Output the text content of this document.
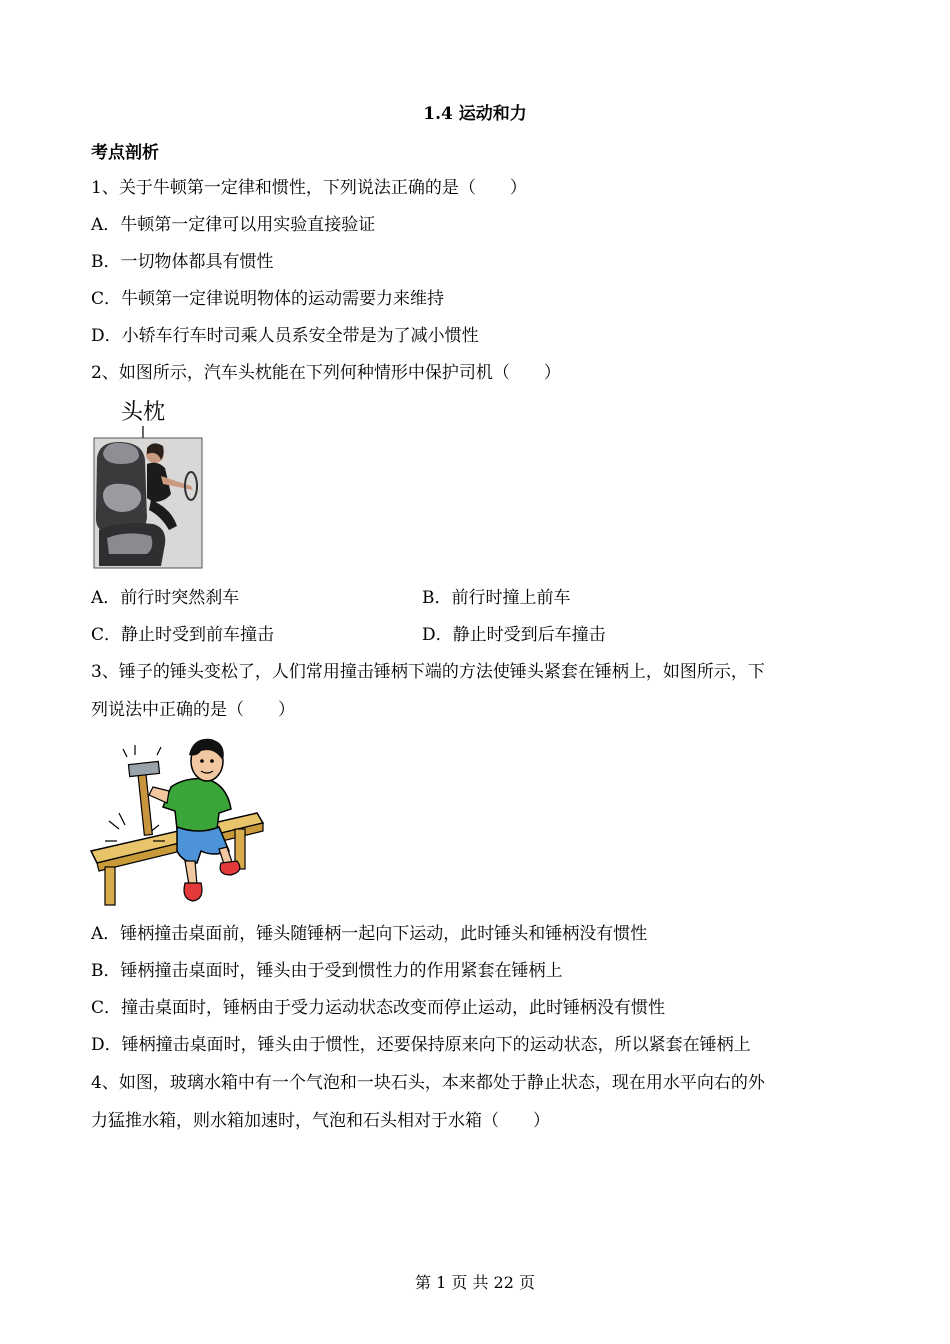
1.4 运动和力
考点剖析
1、关于牛顿第一定律和惯性，下列说法正确的是（　　）
A．牛顿第一定律可以用实验直接验证
B．一切物体都具有惯性
C．牛顿第一定律说明物体的运动需要力来维持
D．小轿车行车时司乘人员系安全带是为了减小惯性
2、如图所示，汽车头枕能在下列何种情形中保护司机（　　）
头枕
A．前行时突然刹车	B．前行时撞上前车
C．静止时受到前车撞击	D．静止时受到后车撞击
3、锤子的锤头变松了，人们常用撞击锤柄下端的方法使锤头紧套在锤柄上，如图所示，下
列说法中正确的是（　　）
A．锤柄撞击桌面前，锤头随锤柄一起向下运动，此时锤头和锤柄没有惯性
B．锤柄撞击桌面时，锤头由于受到惯性力的作用紧套在锤柄上
C．撞击桌面时，锤柄由于受力运动状态改变而停止运动，此时锤柄没有惯性
D．锤柄撞击桌面时，锤头由于惯性，还要保持原来向下的运动状态，所以紧套在锤柄上
4、如图，玻璃水箱中有一个气泡和一块石头，本来都处于静止状态，现在用水平向右的外
力猛推水箱，则水箱加速时，气泡和石头相对于水箱（　　）
第 1 页 共 22 页
